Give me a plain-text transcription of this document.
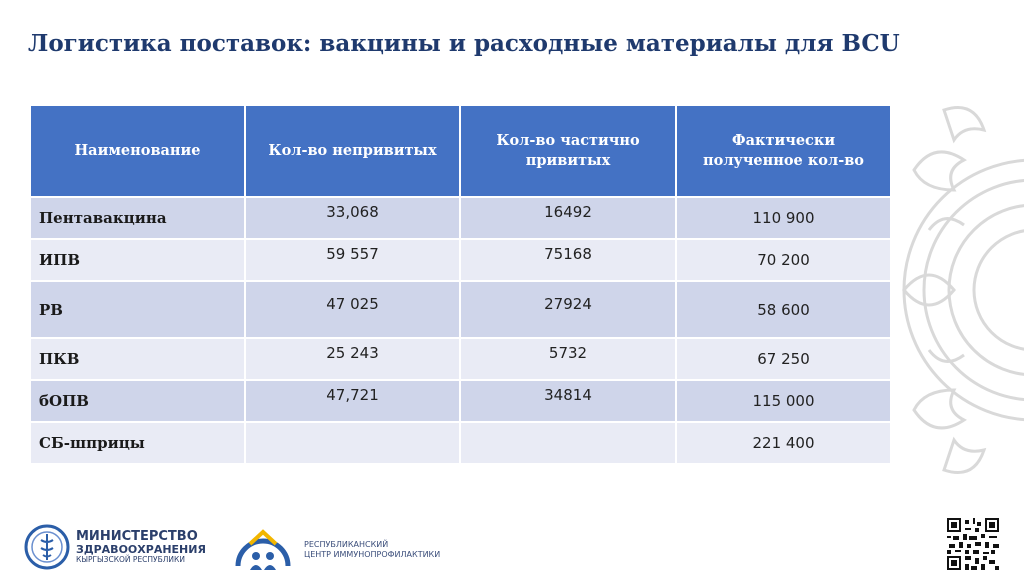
Логистика поставок: вакцины и расходные материалы для BCU
Наименование	Кол-во непривитых	Кол-во частично привитых	Фактически полученное кол-во
Пентавакцина	33,068	16492	110 900
ИПВ	59 557	75168	70 200
РВ	47 025	27924	58 600
ПКВ	25 243	5732	67 250
бОПВ	47,721	34814	115 000
СБ-шприцы			221 400
МИНИСТЕРСТВО
ЗДРАВООХРАНЕНИЯ
КЫРГЫЗСКОЙ РЕСПУБЛИКИ
РЕСПУБЛИКАНСКИЙ
ЦЕНТР ИММУНОПРОФИЛАКТИКИ
